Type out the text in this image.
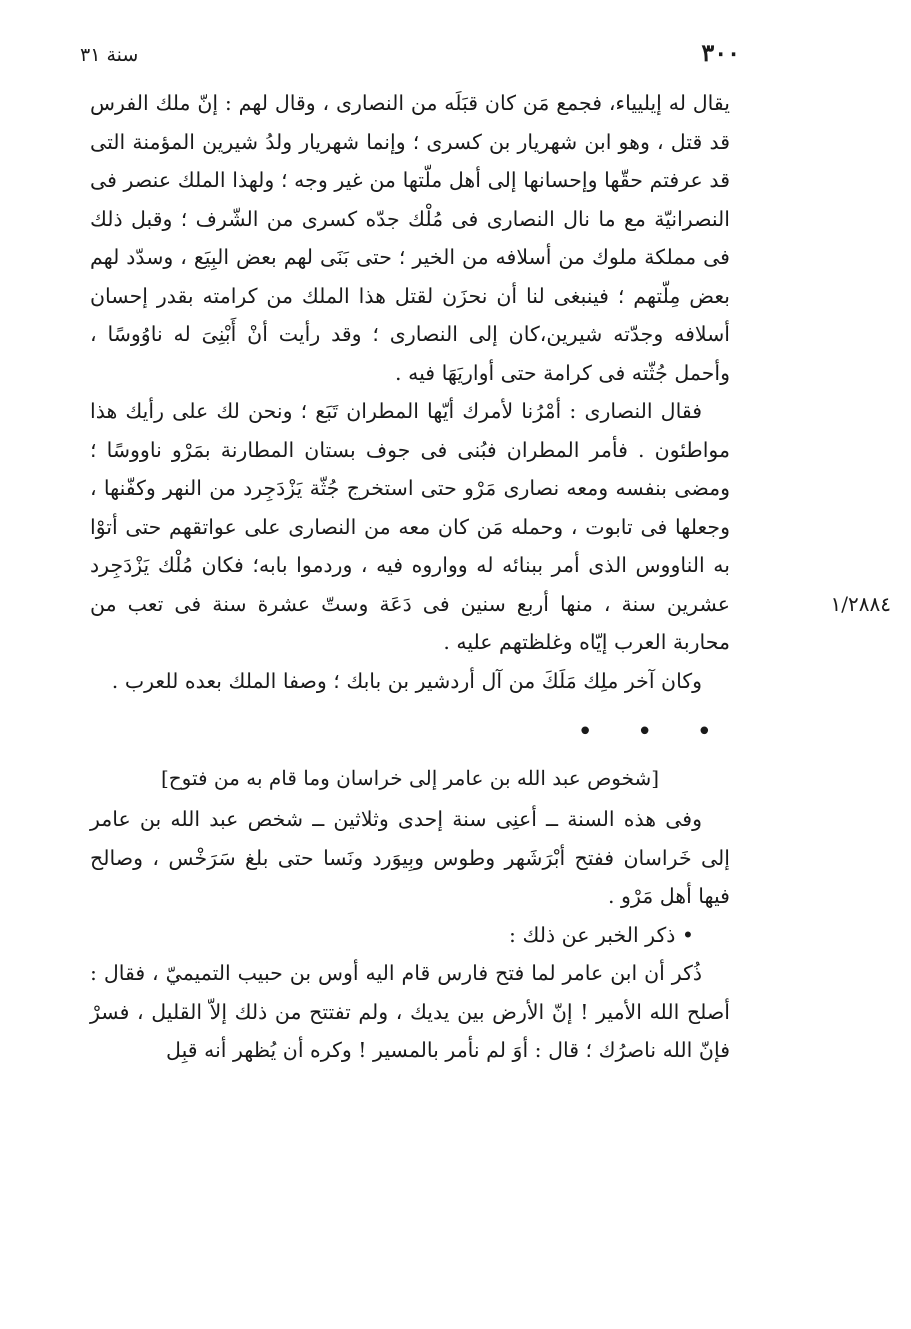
٣٠٠
سنة ٣١
١/٢٨٨٤

يقال له إيليياء، فجمع مَن كان قبَلَه من النصارى ، وقال لهم : إنّ ملك الفرس قد قتل ، وهو ابن شهريار بن كسرى ؛ وإنما شهريار ولدُ شيرين المؤمنة التى قد عرفتم حقّها وإحسانها إلى أهل ملّتها من غير وجه ؛ ولهذا الملك عنصر فى النصرانيّة مع ما نال النصارى فى مُلْك جدّه كسرى من الشّرف ؛ وقبل ذلك فى مملكة ملوك من أسلافه من الخير ؛ حتى بَنَى لهم بعض البِيَع ، وسدّد لهم بعض مِلّتهم ؛ فينبغى لنا أن نحزَن لقتل هذا الملك من كرامته بقدر إحسان أسلافه وجدّته شيرين،كان إلى النصارى ؛ وقد رأيت أنْ أَبْنِىَ له ناوُوسًا ، وأحمل جُثّته فى كرامة حتى أواريَهَا فيه .

فقال النصارى : أمْرُنا لأمرك أيّها المطران تَبَع ؛ ونحن لك على رأيك هذا مواطئون . فأمر المطران فبُنى فى جوف بستان المطارنة بمَرْو ناووسًا ؛ ومضى بنفسه ومعه نصارى مَرْو حتى استخرج جُثّة يَزْدَجِرد من النهر وكفّنها ، وجعلها فى تابوت ، وحمله مَن كان معه من النصارى على عواتقهم حتى أتوْا به الناووس الذى أمر ببنائه له وواروه فيه ، وردموا بابه؛ فكان مُلْك يَزْدَجِرد عشرين سنة ، منها أربع سنين فى دَعَة وستّ عشرة سنة فى تعب من محاربة العرب إيّاه وغلظتهم عليه .

وكان آخر ملِك مَلَكَ من آل أردشير بن بابك ؛ وصفا الملك بعده للعرب .

• • •
[شخوص عبد الله بن عامر إلى خراسان وما قام به من فتوح]

وفى هذه السنة ــ أعنِى سنة إحدى وثلاثين ــ شخص عبد الله بن عامر إلى خَراسان ففتح أبْرَشَهر وطوس وبِيوَرد ونَسا حتى بلغ سَرَخْس ، وصالح فيها أهل مَرْو .

• ذكر الخبر عن ذلك :

ذُكر أن ابن عامر لما فتح فارس قام اليه أوس بن حبيب التميميّ ، فقال : أصلح الله الأمير ! إنّ الأرض بين يديك ، ولم تفتتح من ذلك إلاّ القليل ، فسرْ فإنّ الله ناصرُك ؛ قال : أوَ لم نأمر بالمسير ! وكره أن يُظهر أنه قبِل
